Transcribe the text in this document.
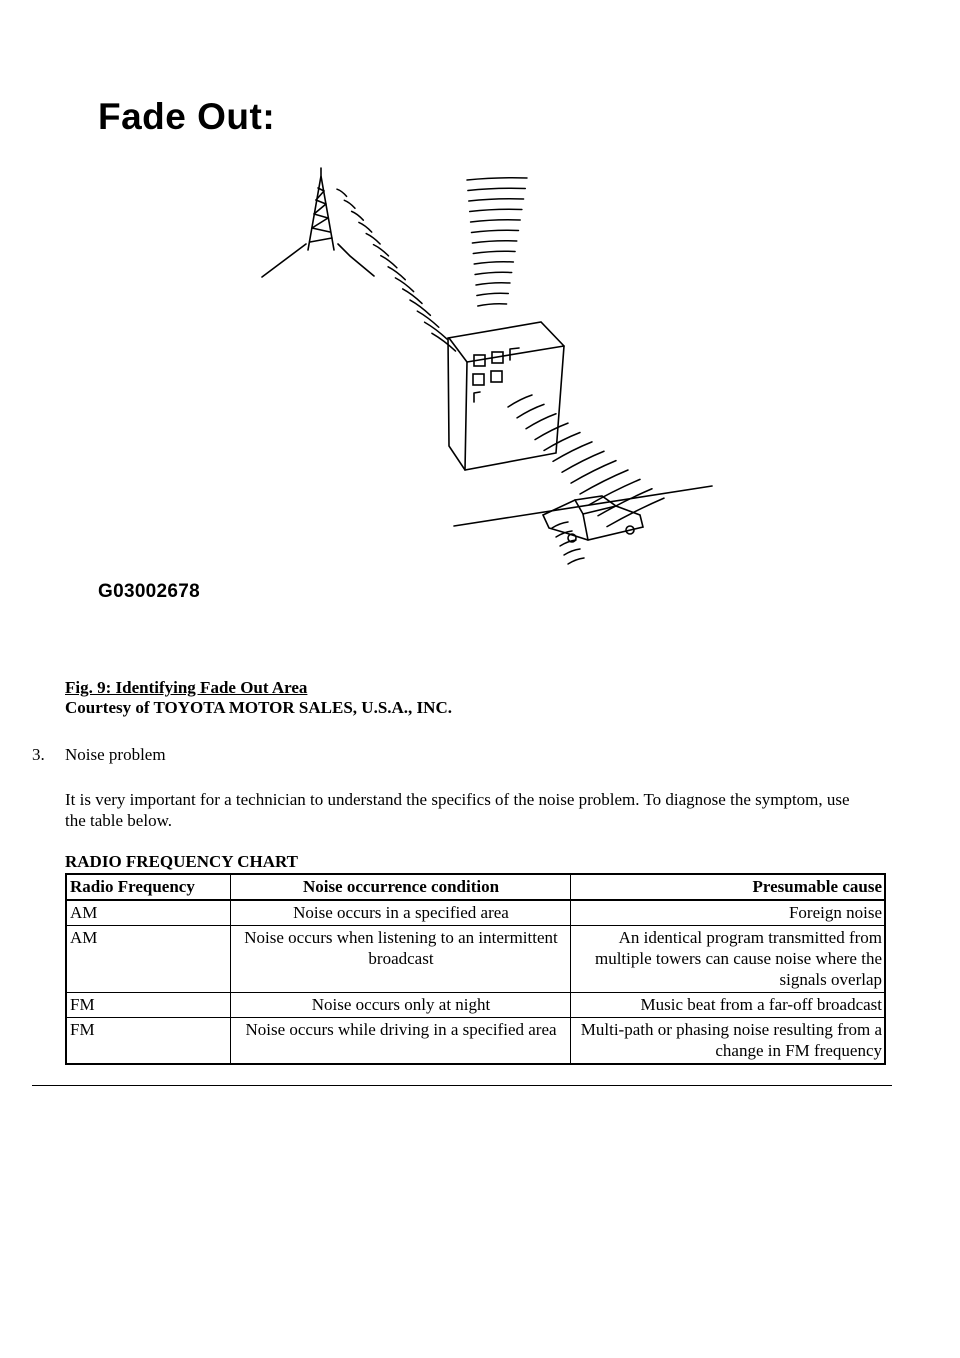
Fade Out:
G03002678
Fig. 9: Identifying Fade Out Area
Courtesy of TOYOTA MOTOR SALES, U.S.A., INC.
3. Noise problem
It is very important for a technician to understand the specifics of the noise problem. To diagnose the symptom, use the table below.
RADIO FREQUENCY CHART
Radio Frequency	Noise occurrence condition	Presumable cause
AM	Noise occurs in a specified area	Foreign noise
AM	Noise occurs when listening to an intermittent broadcast	An identical program transmitted from multiple towers can cause noise where the signals overlap
FM	Noise occurs only at night	Music beat from a far-off broadcast
FM	Noise occurs while driving in a specified area	Multi-path or phasing noise resulting from a change in FM frequency
